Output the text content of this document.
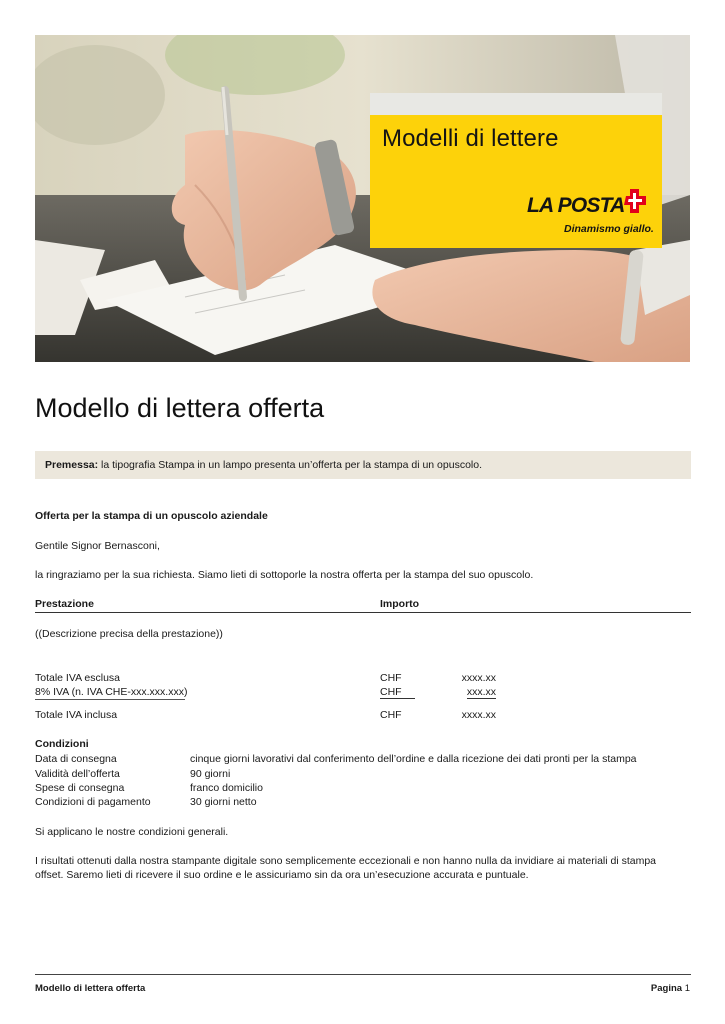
Modelli di lettere
LA POSTA
Dinamismo giallo.
Modello di lettera offerta
Premessa: la tipografia Stampa in un lampo presenta un’offerta per la stampa di un opuscolo.
Offerta per la stampa di un opuscolo aziendale
Gentile Signor Bernasconi,
la ringraziamo per la sua richiesta. Siamo lieti di sottoporle la nostra offerta per la stampa del suo opuscolo.
Prestazione	Importo
((Descrizione precisa della prestazione))
Totale IVA esclusa	CHF	xxxx.xx
8% IVA (n. IVA CHE-xxx.xxx.xxx)	CHF	xxx.xx
Totale IVA inclusa	CHF	xxxx.xx
Condizioni
Data di consegna	cinque giorni lavorativi dal conferimento dell’ordine e dalla ricezione dei dati pronti per la stampa
Validità dell’offerta	90 giorni
Spese di consegna	franco domicilio
Condizioni di pagamento	30 giorni netto
Si applicano le nostre condizioni generali.
I risultati ottenuti dalla nostra stampante digitale sono semplicemente eccezionali e non hanno nulla da invidiare ai materiali di stampa
offset. Saremo lieti di ricevere il suo ordine e le assicuriamo sin da ora un’esecuzione accurata e puntuale.
Modello di lettera offerta	Pagina 1
